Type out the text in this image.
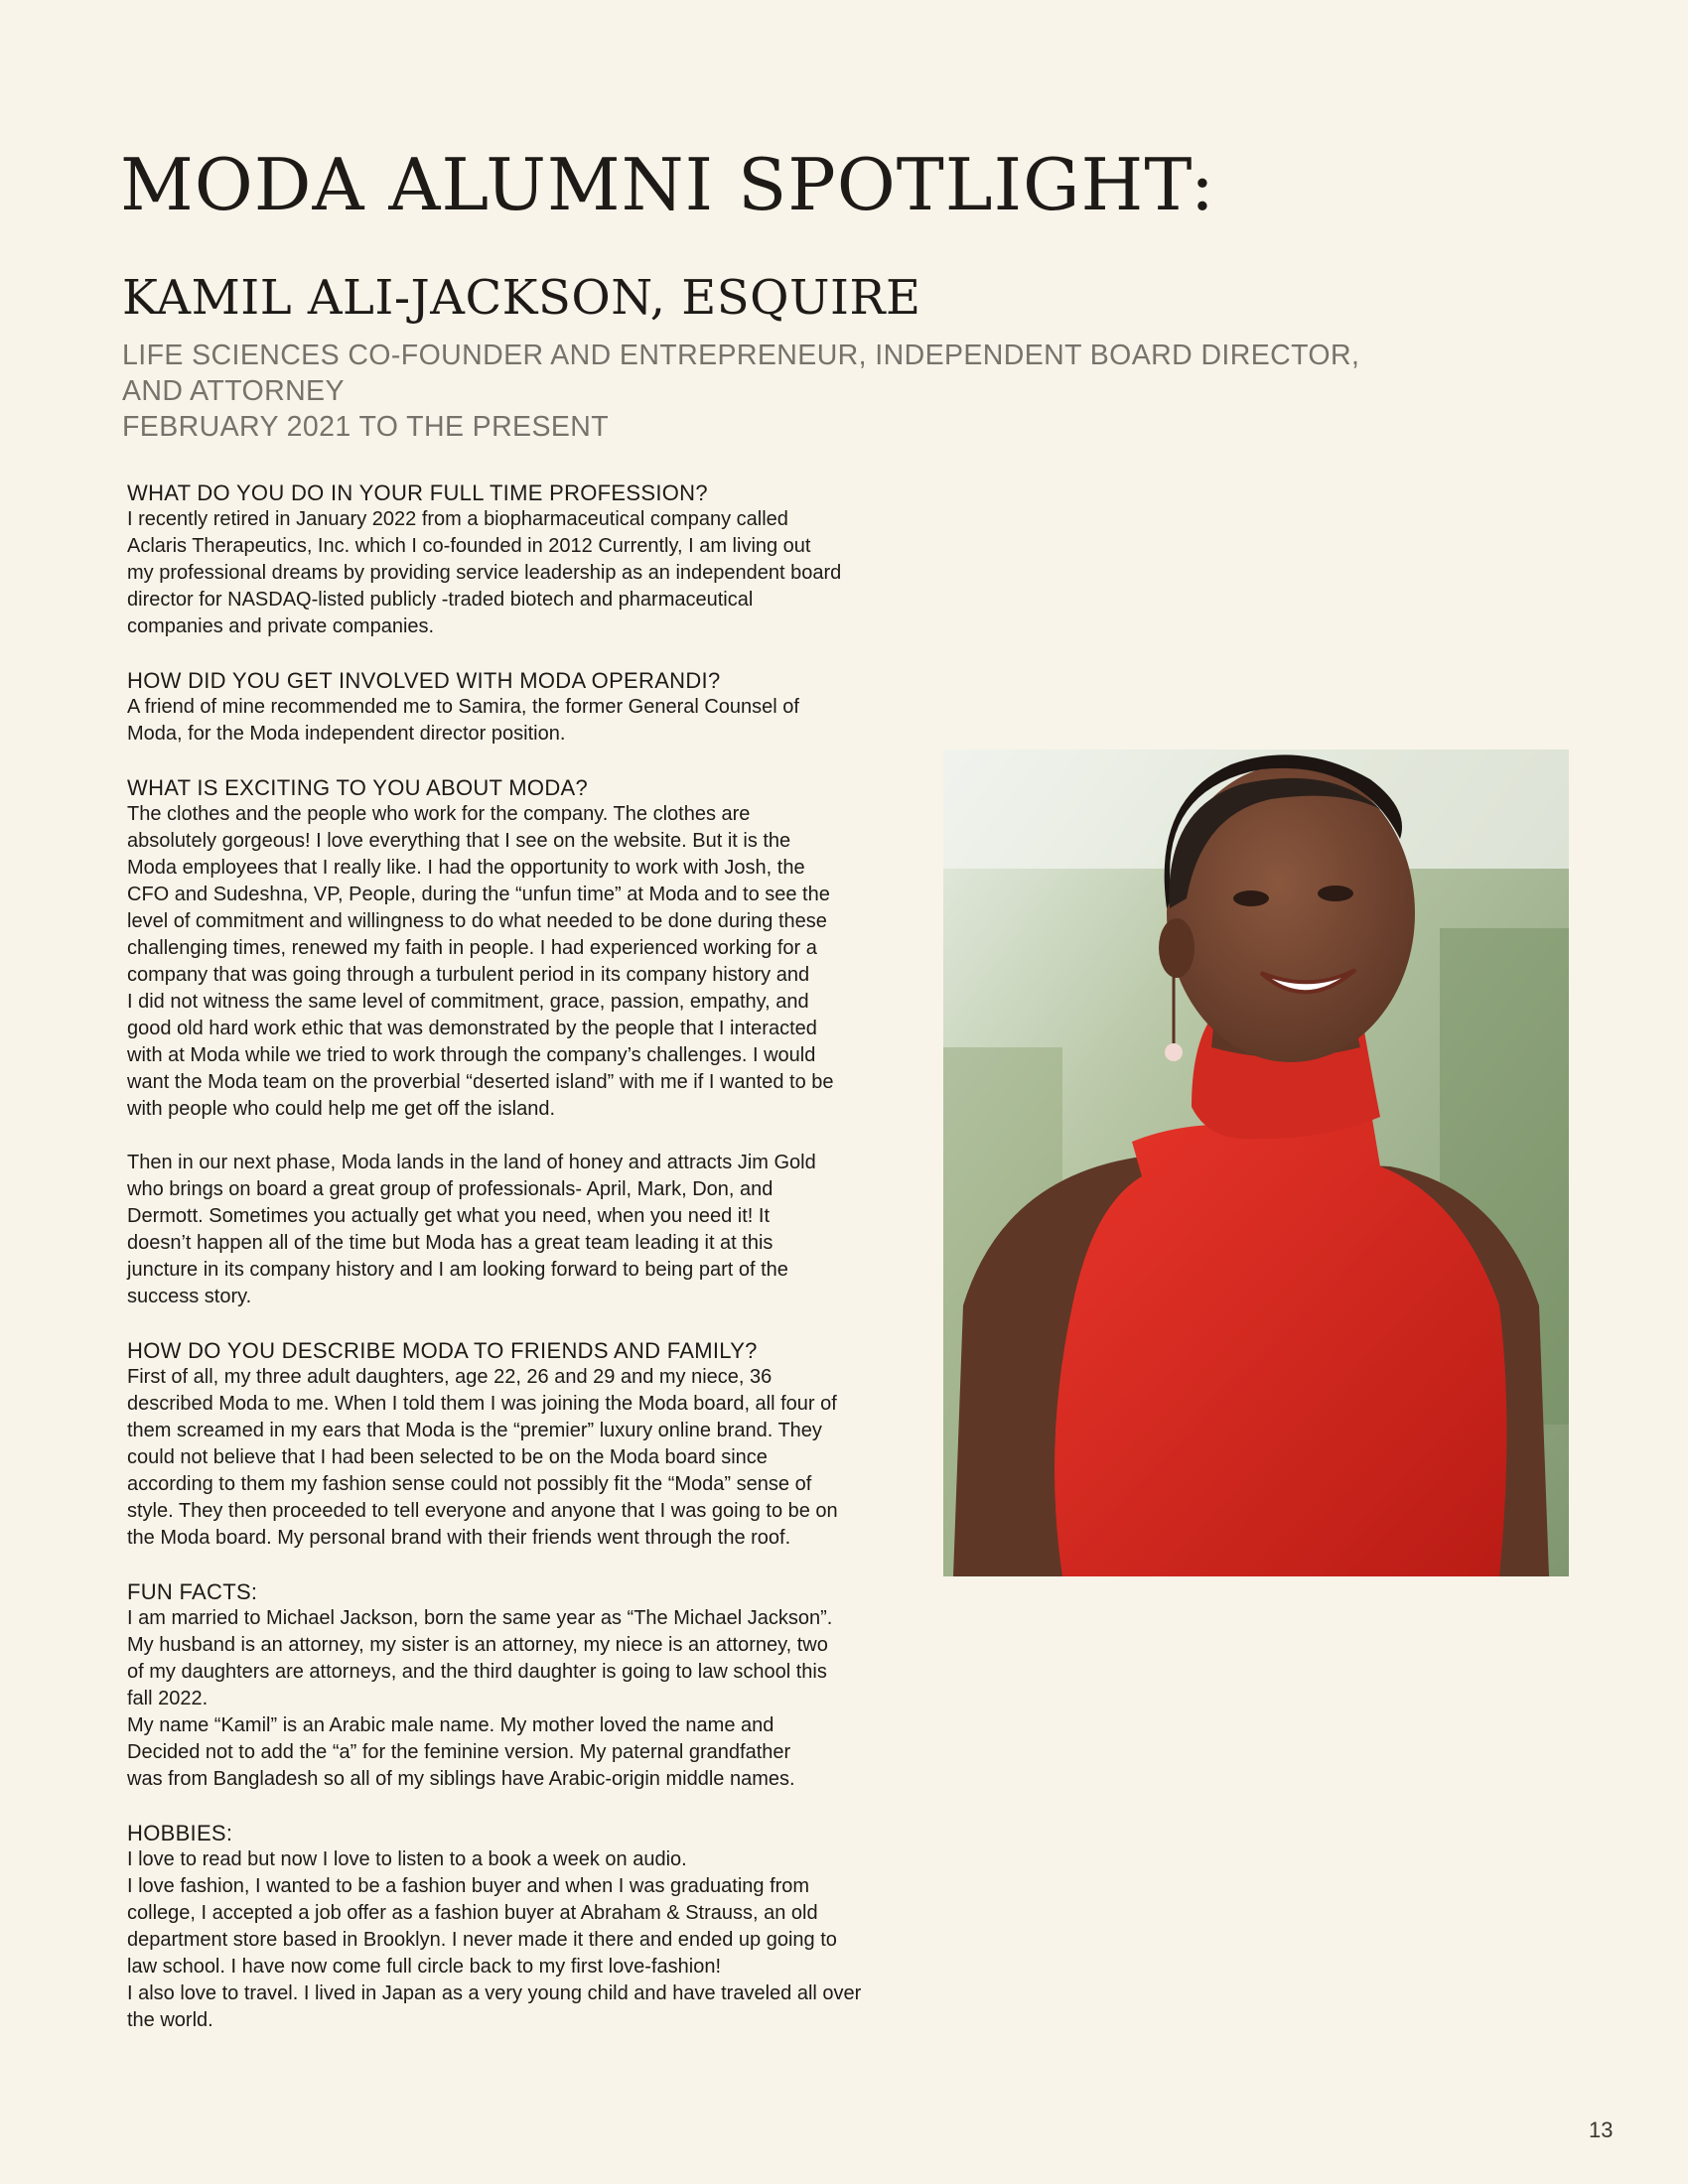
MODA ALUMNI SPOTLIGHT:
KAMIL ALI-JACKSON, ESQUIRE
LIFE SCIENCES CO-FOUNDER AND ENTREPRENEUR, INDEPENDENT BOARD DIRECTOR,
AND ATTORNEY
FEBRUARY 2021 TO THE PRESENT
WHAT DO YOU DO IN YOUR FULL TIME PROFESSION?
I recently retired in January 2022 from a biopharmaceutical company called
Aclaris Therapeutics, Inc. which I co-founded in 2012 Currently, I am living out
my professional dreams by providing service leadership as an independent board
director for NASDAQ-listed publicly -traded biotech and pharmaceutical
companies and private companies.
HOW DID YOU GET INVOLVED WITH MODA OPERANDI?
A friend of mine recommended me to Samira, the former General Counsel of
Moda, for the Moda independent director position.
WHAT IS EXCITING TO YOU ABOUT MODA?
The clothes and the people who work for the company. The clothes are
absolutely gorgeous! I love everything that I see on the website. But it is the
Moda employees that I really like. I had the opportunity to work with Josh, the
CFO and Sudeshna, VP, People, during the “unfun time” at Moda and to see the
level of commitment and willingness to do what needed to be done during these
challenging times, renewed my faith in people. I had experienced working for a
company that was going through a turbulent period in its company history and
I did not witness the same level of commitment, grace, passion, empathy, and
good old hard work ethic that was demonstrated by the people that I interacted
with at Moda while we tried to work through the company’s challenges. I would
want the Moda team on the proverbial “deserted island” with me if I wanted to be
with people who could help me get off the island.
Then in our next phase, Moda lands in the land of honey and attracts Jim Gold
who brings on board a great group of professionals- April, Mark, Don, and
Dermott. Sometimes you actually get what you need, when you need it! It
doesn’t happen all of the time but Moda has a great team leading it at this
juncture in its company history and I am looking forward to being part of the
success story.
HOW DO YOU DESCRIBE MODA TO FRIENDS AND FAMILY?
First of all, my three adult daughters, age 22, 26 and 29 and my niece, 36
described Moda to me. When I told them I was joining the Moda board, all four of
them screamed in my ears that Moda is the “premier” luxury online brand. They
could not believe that I had been selected to be on the Moda board since
according to them my fashion sense could not possibly fit the “Moda” sense of
style. They then proceeded to tell everyone and anyone that I was going to be on
the Moda board. My personal brand with their friends went through the roof.
FUN FACTS:
I am married to Michael Jackson, born the same year as “The Michael Jackson”.
My husband is an attorney, my sister is an attorney, my niece is an attorney, two
of my daughters are attorneys, and the third daughter is going to law school this
fall 2022.
My name “Kamil” is an Arabic male name. My mother loved the name and
Decided not to add the “a” for the feminine version. My paternal grandfather
was from Bangladesh so all of my siblings have Arabic-origin middle names.
HOBBIES:
I love to read but now I love to listen to a book a week on audio.
I love fashion, I wanted to be a fashion buyer and when I was graduating from
college, I accepted a job offer as a fashion buyer at Abraham & Strauss, an old
department store based in Brooklyn. I never made it there and ended up going to
law school. I have now come full circle back to my first love-fashion!
I also love to travel. I lived in Japan as a very young child and have traveled all over
the world.
13
